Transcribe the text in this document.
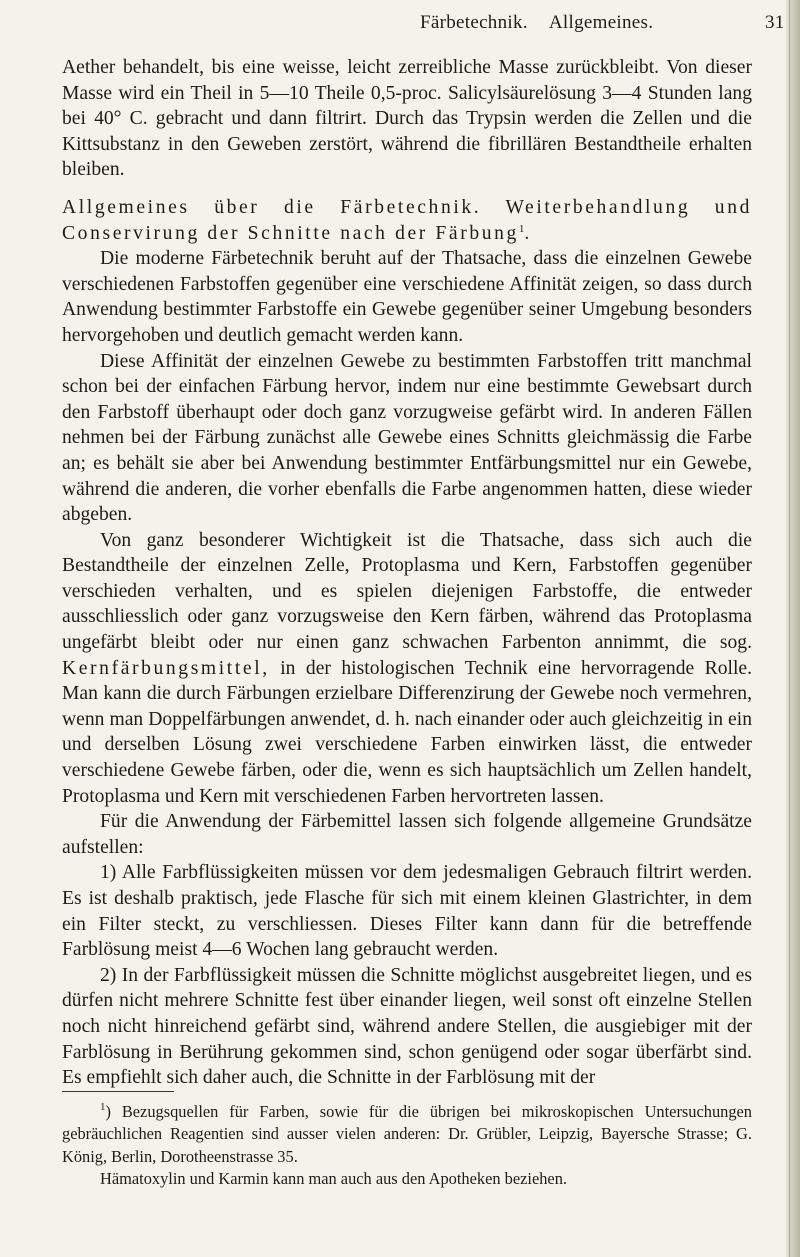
Färbetechnik. Allgemeines.	31

Aether behandelt, bis eine weisse, leicht zerreibliche Masse zurückbleibt. Von dieser Masse wird ein Theil in 5—10 Theile 0,5-proc. Salicylsäurelösung 3—4 Stunden lang bei 40° C. gebracht und dann filtrirt. Durch das Trypsin werden die Zellen und die Kittsubstanz in den Geweben zerstört, während die fibrillären Bestandtheile erhalten bleiben.

Allgemeines über die Färbetechnik. Weiterbehandlung und Conservirung der Schnitte nach der Färbung$^1$.

Die moderne Färbetechnik beruht auf der Thatsache, dass die einzelnen Gewebe verschiedenen Farbstoffen gegenüber eine verschiedene Affinität zeigen, so dass durch Anwendung bestimmter Farbstoffe ein Gewebe gegenüber seiner Umgebung besonders hervorgehoben und deutlich gemacht werden kann.

Diese Affinität der einzelnen Gewebe zu bestimmten Farbstoffen tritt manchmal schon bei der einfachen Färbung hervor, indem nur eine bestimmte Gewebsart durch den Farbstoff überhaupt oder doch ganz vorzugweise gefärbt wird. In anderen Fällen nehmen bei der Färbung zunächst alle Gewebe eines Schnitts gleichmässig die Farbe an; es behält sie aber bei Anwendung bestimmter Entfärbungsmittel nur ein Gewebe, während die anderen, die vorher ebenfalls die Farbe angenommen hatten, diese wieder abgeben.

Von ganz besonderer Wichtigkeit ist die Thatsache, dass sich auch die Bestandtheile der einzelnen Zelle, Protoplasma und Kern, Farbstoffen gegenüber verschieden verhalten, und es spielen diejenigen Farbstoffe, die entweder ausschliesslich oder ganz vorzugsweise den Kern färben, während das Protoplasma ungefärbt bleibt oder nur einen ganz schwachen Farbenton annimmt, die sog. Kernfärbungsmittel, in der histologischen Technik eine hervorragende Rolle. Man kann die durch Färbungen erzielbare Differenzirung der Gewebe noch vermehren, wenn man Doppelfärbungen anwendet, d. h. nach einander oder auch gleichzeitig in ein und derselben Lösung zwei verschiedene Farben einwirken lässt, die entweder verschiedene Gewebe färben, oder die, wenn es sich hauptsächlich um Zellen handelt, Protoplasma und Kern mit verschiedenen Farben hervortreten lassen.

Für die Anwendung der Färbemittel lassen sich folgende allgemeine Grundsätze aufstellen:

1) Alle Farbflüssigkeiten müssen vor dem jedesmaligen Gebrauch filtrirt werden. Es ist deshalb praktisch, jede Flasche für sich mit einem kleinen Glastrichter, in dem ein Filter steckt, zu verschliessen. Dieses Filter kann dann für die betreffende Farblösung meist 4—6 Wochen lang gebraucht werden.

2) In der Farbflüssigkeit müssen die Schnitte möglichst ausgebreitet liegen, und es dürfen nicht mehrere Schnitte fest über einander liegen, weil sonst oft einzelne Stellen noch nicht hinreichend gefärbt sind, während andere Stellen, die ausgiebiger mit der Farblösung in Berührung gekommen sind, schon genügend oder sogar überfärbt sind. Es empfiehlt sich daher auch, die Schnitte in der Farblösung mit der

$^1$) Bezugsquellen für Farben, sowie für die übrigen bei mikroskopischen Untersuchungen gebräuchlichen Reagentien sind ausser vielen anderen: Dr. Grübler, Leipzig, Bayersche Strasse; G. König, Berlin, Dorotheenstrasse 35.

Hämatoxylin und Karmin kann man auch aus den Apotheken beziehen.
